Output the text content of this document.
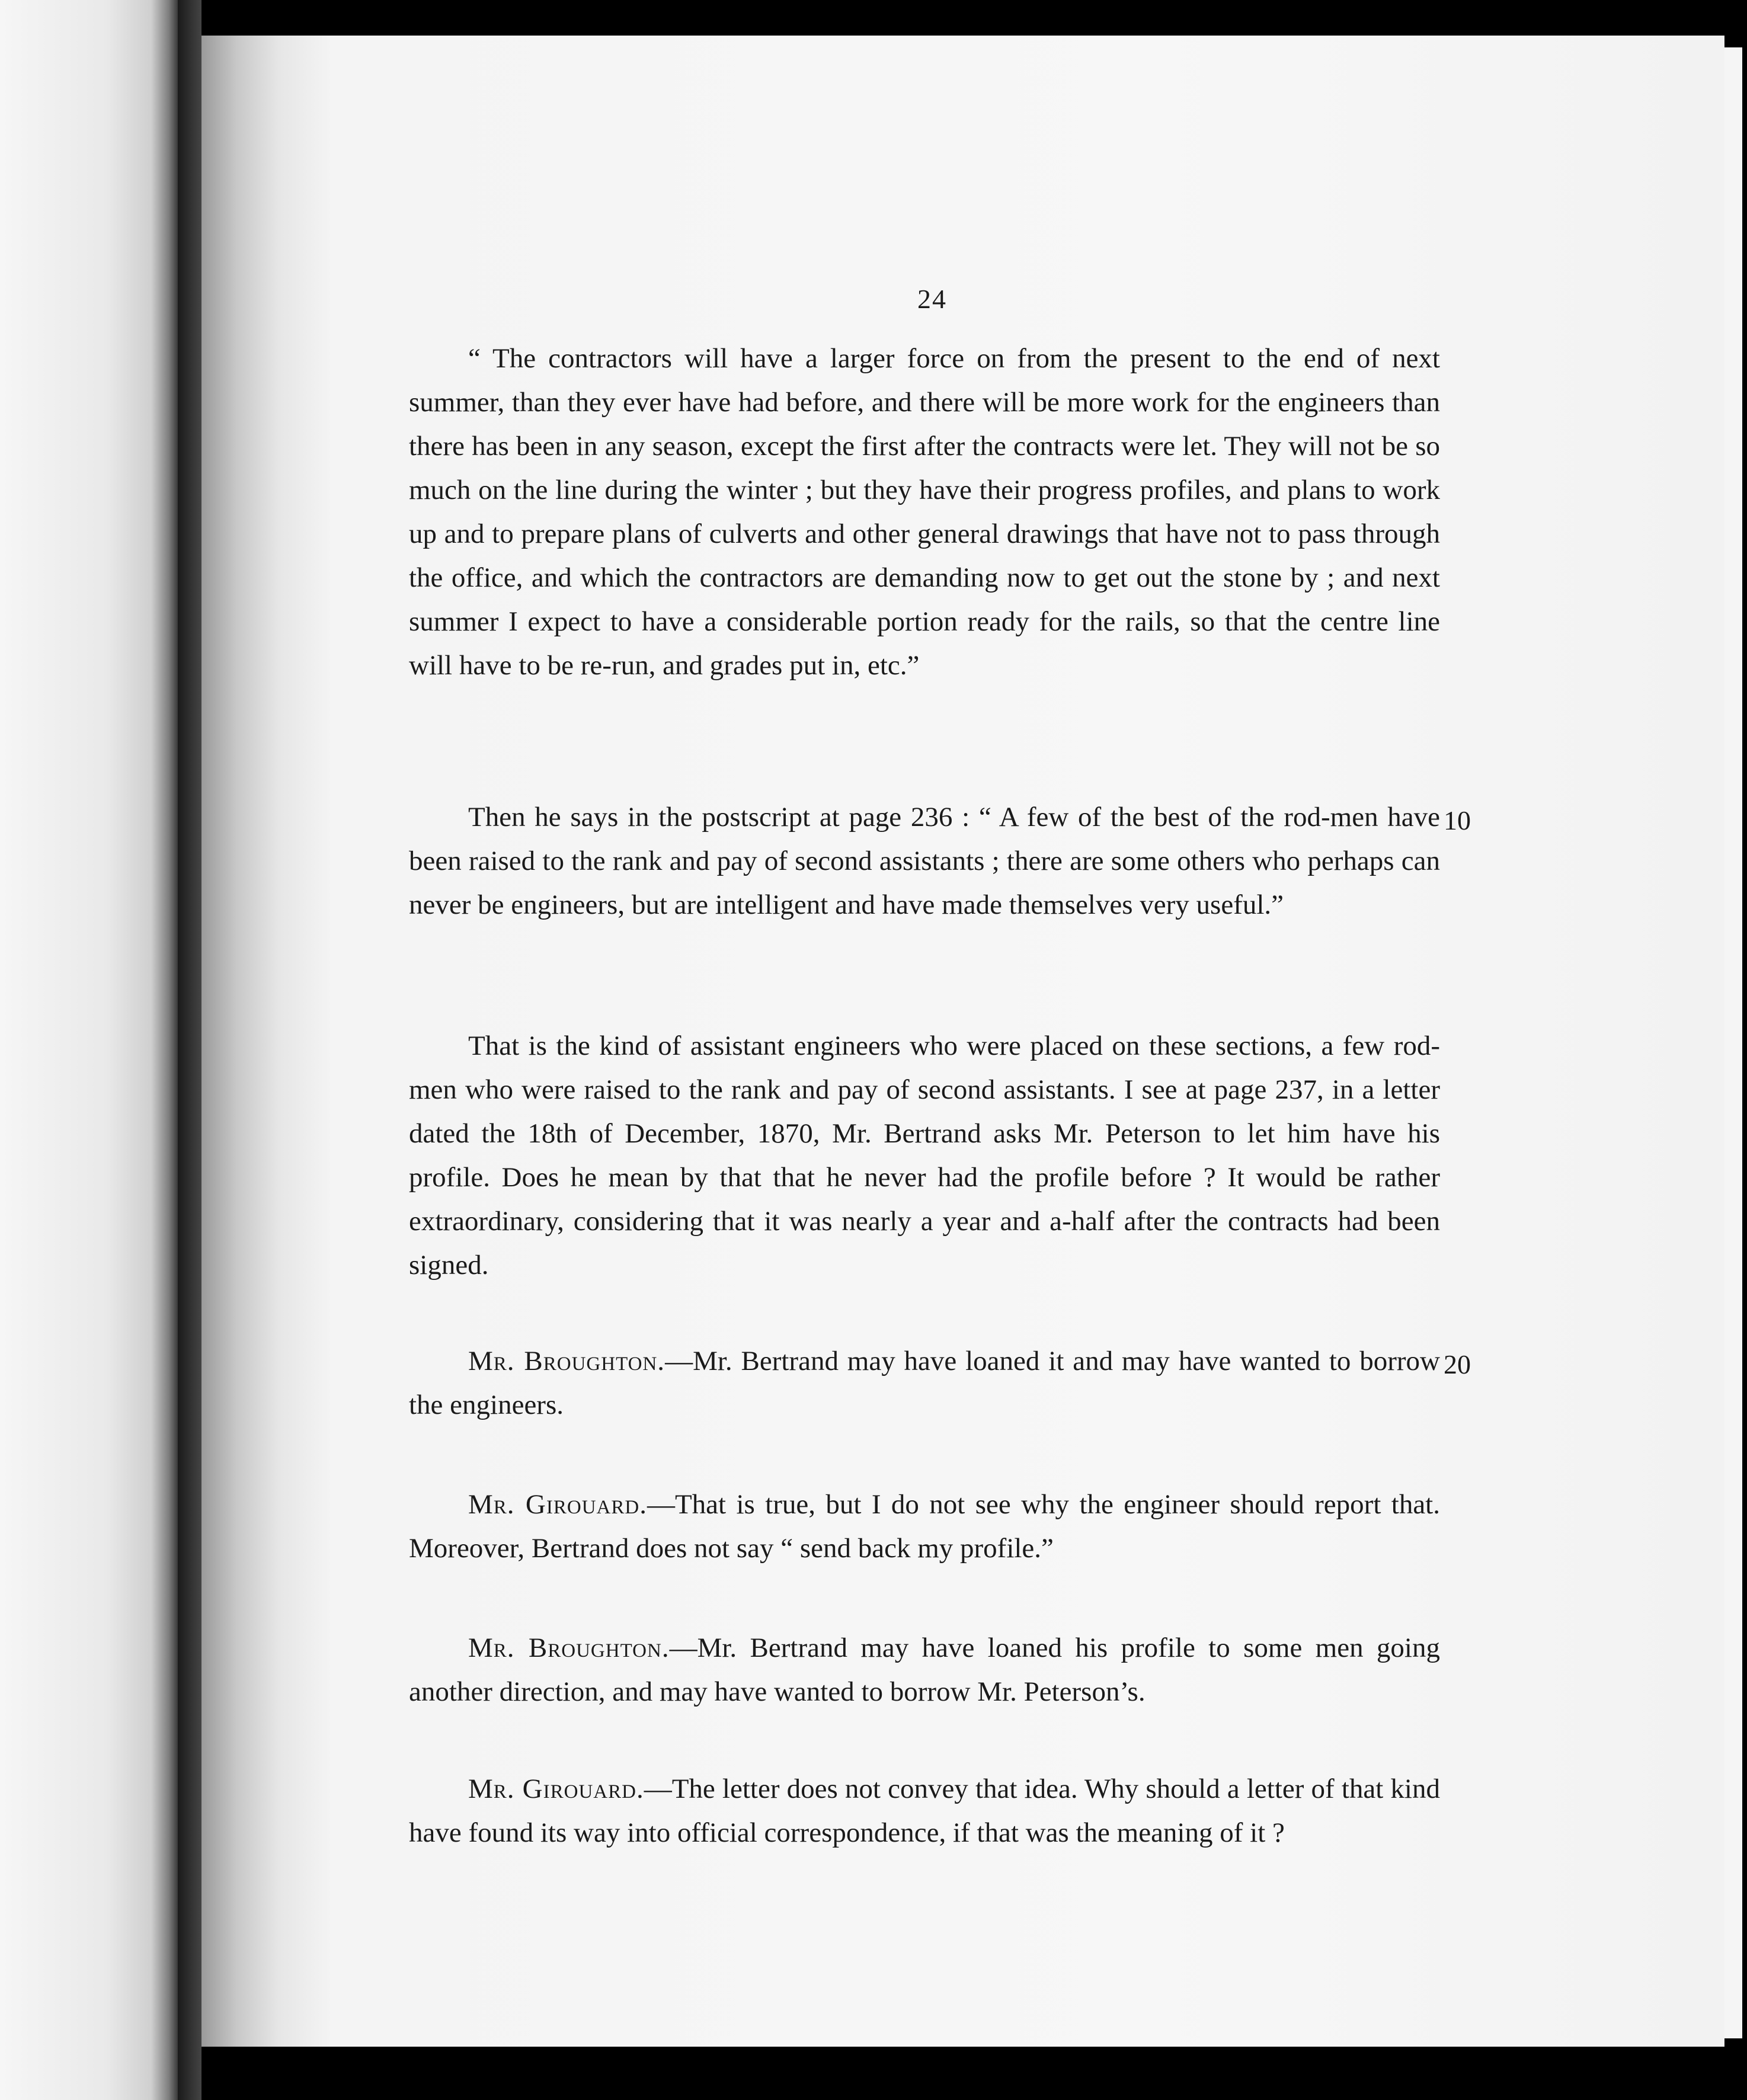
24

“ The contractors will have a larger force on from the present to the end of next summer, than they ever have had before, and there will be more work for the engineers than there has been in any season, except the first after the contracts were let. They will not be so much on the line during the winter ; but they have their progress profiles, and plans to work up and to prepare plans of culverts and other general drawings that have not to pass through the office, and which the contractors are demanding now to get out the stone by ; and next summer I expect to have a considerable portion ready for the rails, so that the centre line will have to be re-run, and grades put in, etc.”

Then he says in the postscript at page 236 : “ A few of the best of the rod-men have been raised to the rank and pay of second assistants ; there are some others who perhaps can never be engineers, but are intelligent and have made themselves very useful.”

10

That is the kind of assistant engineers who were placed on these sections, a few rod-men who were raised to the rank and pay of second assistants. I see at page 237, in a letter dated the 18th of December, 1870, Mr. Bertrand asks Mr. Peterson to let him have his profile. Does he mean by that that he never had the profile before ? It would be rather extraordinary, considering that it was nearly a year and a-half after the contracts had been signed.

Mr. Broughton.—Mr. Bertrand may have loaned it and may have wanted to borrow the engineers.

20

Mr. Girouard.—That is true, but I do not see why the engineer should report that. Moreover, Bertrand does not say “ send back my profile.”

Mr. Broughton.—Mr. Bertrand may have loaned his profile to some men going another direction, and may have wanted to borrow Mr. Peterson’s.

Mr. Girouard.—The letter does not convey that idea. Why should a letter of that kind have found its way into official correspondence, if that was the meaning of it ?
